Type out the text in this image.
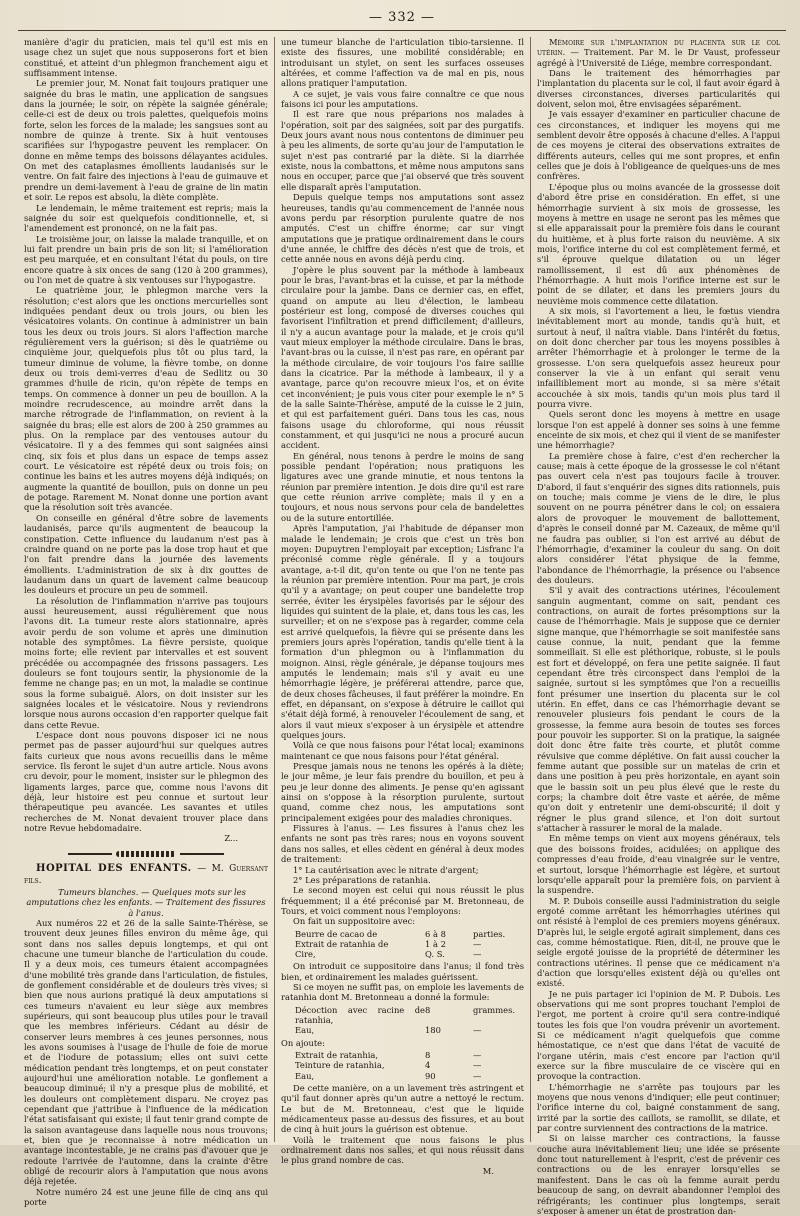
— 332 —

manière d'agir du praticien, mais tel qu'il est mis en usage chez un sujet que nous supposerons fort et bien constitué, et atteint d'un phlegmon franchement aigu et suffisamment intense.

Le premier jour, M. Nonat fait toujours pratiquer une saignée du bras le matin, une application de sangsues dans la journée; le soir, on répète la saignée générale; celle-ci est de deux ou trois palettes, quelquefois moins forte, selon les forces de la malade; les sangsues sont au nombre de quinze à trente. Six à huit ventouses scarifiées sur l'hypogastre peuvent les remplacer. On donne en même temps des boissons délayantes acidules. On met des cataplasmes émollients laudanisés sur le ventre. On fait faire des injections à l'eau de guimauve et prendre un demi-lavement à l'eau de graine de lin matin et soir. Le repos est absolu, la diète complète.

Le lendemain, le même traitement est repris; mais la saignée du soir est quelquefois conditionnelle, et, si l'amendement est prononcé, on ne la fait pas.

Le troisième jour, on laisse la malade tranquille, et on lui fait prendre un bain pris de son lit; si l'amélioration est peu marquée, et en consultant l'état du pouls, on tire encore quatre à six onces de sang (120 à 200 grammes), ou l'on met de quatre à six ventouses sur l'hypogastre.

Le quatrième jour, le phlegmon marche vers la résolution; c'est alors que les onctions mercurielles sont indiquées pendant deux ou trois jours, ou bien les vésicatoires volants. On continue à administrer un bain tous les deux ou trois jours. Si alors l'affection marche régulièrement vers la guérison; si dès le quatrième ou cinquième jour, quelquefois plus tôt ou plus tard, la tumeur diminue de volume, la fièvre tombe, on donne deux ou trois demi-verres d'eau de Sedlitz ou 30 grammes d'huile de ricin, qu'on répète de temps en temps. On commence à donner un peu de bouillon. A la moindre recrudescence, au moindre arrêt dans la marche rétrograde de l'inflammation, on revient à la saignée du bras; elle est alors de 200 à 250 grammes au plus. On la remplace par des ventouses autour du vésicatoire. Il y a des femmes qui sont saignées ainsi cinq, six fois et plus dans un espace de temps assez court. Le vésicatoire est répété deux ou trois fois; on continue les bains et les autres moyens déjà indiqués; on augmente la quantité de bouillon, puis on donne un peu de potage. Rarement M. Nonat donne une portion avant que la résolution soit très avancée.

On conseille en général d'être sobre de lavements laudanisés, parce qu'ils augmentent de beaucoup la constipation. Cette influence du laudanum n'est pas à craindre quand on ne porte pas la dose trop haut et que l'on fait prendre dans la journée des lavements émollients. L'administration de six à dix gouttes de laudanum dans un quart de lavement calme beaucoup les douleurs et procure un peu de sommeil.

La résolution de l'inflammation n'arrive pas toujours aussi heureusement, aussi régulièrement que nous l'avons dit. La tumeur reste alors stationnaire, après avoir perdu de son volume et après une diminution notable des symptômes. La fièvre persiste, quoique moins forte; elle revient par intervalles et est souvent précédée ou accompagnée des frissons passagers. Les douleurs se font toujours sentir, la physionomie de la femme ne change pas; en un mot, la maladie se continue sous la forme subaiguë. Alors, on doit insister sur les saignées locales et le vésicatoire. Nous y reviendrons lorsque nous aurons occasion d'en rapporter quelque fait dans cette Revue.

L'espace dont nous pouvons disposer ici ne nous permet pas de passer aujourd'hui sur quelques autres faits curieux que nous avons recueillis dans le même service. Ils feront le sujet d'un autre article. Nous avons cru devoir, pour le moment, insister sur le phlegmon des ligaments larges, parce que, comme nous l'avons dit déjà, leur histoire est peu connue et surtout leur thérapeutique peu avancée. Les savantes et utiles recherches de M. Nonat devaient trouver place dans notre Revue hebdomadaire.

Z...

HOPITAL DES ENFANTS. — M. Guersant fils.

Tumeurs blanches. — Quelques mots sur les amputations chez les enfants. — Traitement des fissures à l'anus.

Aux numéros 22 et 26 de la salle Sainte-Thérèse, se trouvent deux jeunes filles environ du même âge, qui sont dans nos salles depuis longtemps, et qui ont chacune une tumeur blanche de l'articulation du coude. Il y a deux mois, ces tumeurs étaient accompagnées d'une mobilité très grande dans l'articulation, de fistules, de gonflement considérable et de douleurs très vives; si bien que nous aurions pratiqué là deux amputations si ces tumeurs n'avaient eu leur siège aux membres supérieurs, qui sont beaucoup plus utiles pour le travail que les membres inférieurs. Cédant au désir de conserver leurs membres à ces jeunes personnes, nous les avons soumises à l'usage de l'huile de foie de morue et de l'iodure de potassium; elles ont suivi cette médication pendant très longtemps, et on peut constater aujourd'hui une amélioration notable. Le gonflement a beaucoup diminué; il n'y a presque plus de mobilité, et les douleurs ont complètement disparu. Ne croyez pas cependant que j'attribue à l'influence de la médication l'état satisfaisant qui existe; il faut tenir grand compte de la saison avantageuse dans laquelle nous nous trouvons; et, bien que je reconnaisse à notre médication un avantage incontestable, je ne crains pas d'avouer que je redoute l'arrivée de l'automne, dans la crainte d'être obligé de recourir alors à l'amputation que nous avons déjà rejetée.

Notre numéro 24 est une jeune fille de cinq ans qui porte

une tumeur blanche de l'articulation tibio-tarsienne. Il existe des fissures, une mobilité considérable; en introduisant un stylet, on sent les surfaces osseuses altérées, et comme l'affection va de mal en pis, nous allons pratiquer l'amputation.

A ce sujet, je vais vous faire connaître ce que nous faisons ici pour les amputations.

Il est rare que nous préparions nos malades à l'opération, soit par des saignées, soit par des purgatifs. Deux jours avant nous nous contentons de diminuer peu à peu les aliments, de sorte qu'au jour de l'amputation le sujet n'est pas contrarié par la diète. Si la diarrhée existe, nous la combattons, et même nous amputons sans nous en occuper, parce que j'ai observé que très souvent elle disparaît après l'amputation.

Depuis quelque temps nos amputations sont assez heureuses, tandis qu'au commencement de l'année nous avons perdu par résorption purulente quatre de nos amputés. C'est un chiffre énorme; car sur vingt amputations que je pratique ordinairement dans le cours d'une année, le chiffre des décès n'est que de trois, et cette année nous en avons déjà perdu cinq.

J'opère le plus souvent par la méthode à lambeaux pour le bras, l'avant-bras et la cuisse, et par la méthode circulaire pour la jambe. Dans ce dernier cas, en effet, quand on ampute au lieu d'élection, le lambeau postérieur est long, composé de diverses couches qui favorisent l'infiltration et prend difficilement; d'ailleurs, il n'y a aucun avantage pour la malade, et je crois qu'il vaut mieux employer la méthode circulaire. Dans le bras, l'avant-bras ou la cuisse, il n'est pas rare, en opérant par la méthode circulaire, de voir toujours l'os faire saillie dans la cicatrice. Par la méthode à lambeaux, il y a avantage, parce qu'on recouvre mieux l'os, et on évite cet inconvénient; je puis vous citer pour exemple le n° 5 de la salle Sainte-Thérèse, amputé de la cuisse le 2 juin, et qui est parfaitement guéri. Dans tous les cas, nous faisons usage du chloroforme, qui nous réussit constamment, et qui jusqu'ici ne nous a procuré aucun accident.

En général, nous tenons à perdre le moins de sang possible pendant l'opération; nous pratiquons les ligatures avec une grande minutie, et nous tentons la réunion par première intention. Je dois dire qu'il est rare que cette réunion arrive complète; mais il y en a toujours, et nous nous servons pour cela de bandelettes ou de la suture entortillée.

Après l'amputation, j'ai l'habitude de dépanser mon malade le lendemain; je crois que c'est un très bon moyen: Dupuytren l'employait par exception; Lisfranc l'a préconisé comme règle générale. Il y a toujours avantage, a-t-il dit, qu'on tente ou que l'on ne tente pas la réunion par première intention. Pour ma part, je crois qu'il y a avantage; on peut couper une bandelette trop serrée, éviter les érysipèles favorisés par le séjour des liquides qui suintent de la plaie, et, dans tous les cas, les surveiller; et on ne s'expose pas à regarder, comme cela est arrivé quelquefois, la fièvre qui se présente dans les premiers jours après l'opération, tandis qu'elle tient à la formation d'un phlegmon ou à l'inflammation du moignon. Ainsi, règle générale, je dépanse toujours mes amputés le lendemain; mais s'il y avait eu une hémorrhagie légère, je préférerai attendre, parce que, de deux choses fâcheuses, il faut préférer la moindre. En effet, en dépansant, on s'expose à détruire le caillot qui s'était déjà formé, à renouveler l'écoulement de sang, et alors il vaut mieux s'exposer à un érysipèle et attendre quelques jours.

Voilà ce que nous faisons pour l'état local; examinons maintenant ce que nous faisons pour l'état général.

Presque jamais nous ne tenons les opérés à la diète; le jour même, je leur fais prendre du bouillon, et peu à peu je leur donne des aliments. Je pense qu'en agissant ainsi on s'oppose à la résorption purulente, surtout quand, comme chez nous, les amputations sont principalement exigées pour des maladies chroniques.

Fissures à l'anus. — Les fissures à l'anus chez les enfants ne sont pas très rares; nous en voyons souvent dans nos salles, et elles cèdent en général à deux modes de traitement:

1° La cautérisation avec le nitrate d'argent;

2° Les préparations de ratanhia.

Le second moyen est celui qui nous réussit le plus fréquemment; il a été préconisé par M. Bretonneau, de Tours, et voici comment nous l'employons:

On fait un suppositoire avec:

Beurre de cacao de	6 à 8	parties.
Extrait de ratanhia de	1 à 2	—
Cire,	Q. S.	—

On introduit ce suppositoire dans l'anus; il fond très bien, et ordinairement les malades guérissent.

Si ce moyen ne suffit pas, on emploie les lavements de ratanhia dont M. Bretonneau a donné la formule:

Décoction avec racine de ratanhia,
8	grammes.
Eau,	180	—

On ajoute:

Extrait de ratanhia,	8	—
Teinture de ratanhia,	4	—
Eau,	90	—

De cette manière, on a un lavement très astringent et qu'il faut donner après qu'un autre a nettoyé le rectum. Le but de M. Bretonneau, c'est que le liquide médicamenteux passe au-dessus des fissures, et au bout de cinq à huit jours la guérison est obtenue.

Voilà le traitement que nous faisons le plus ordinairement dans nos salles, et qui nous réussit dans le plus grand nombre de cas.

M.

Mémoire sur l'implantation du placenta sur le col utérin. — Traitement. Par M. le Dr Vaust, professeur agrégé à l'Université de Liége, membre correspondant.

Dans le traitement des hémorrhagies par l'implantation du placenta sur le col, il faut avoir égard à diverses circonstances, diverses particularités qui doivent, selon moi, être envisagées séparément.

Je vais essayer d'examiner en particulier chacune de ces circonstances, et indiquer les moyens qui me semblent devoir être opposés à chacune d'elles. A l'appui de ces moyens je citerai des observations extraites de différents auteurs, celles qui me sont propres, et enfin celles que je dois à l'obligeance de quelques-uns de mes confrères.

L'époque plus ou moins avancée de la grossesse doit d'abord être prise en considération. En effet, si une hémorrhagie survient à six mois de grossesse, les moyens à mettre en usage ne seront pas les mêmes que si elle apparaissait pour la première fois dans le courant du huitième, et à plus forte raison du neuvième. A six mois, l'orifice interne du col est complètement fermé, et s'il éprouve quelque dilatation ou un léger ramollissement, il est dû aux phénomènes de l'hémorrhagie. A huit mois l'orifice interne est sur le point de se dilater, et dans les premiers jours du neuvième mois commence cette dilatation.

A six mois, si l'avortement a lieu, le fœtus viendra inévitablement mort au monde, tandis qu'à huit, et surtout à neuf, il naîtra viable. Dans l'intérêt du fœtus, on doit donc chercher par tous les moyens possibles à arrêter l'hémorrhagie et à prolonger le terme de la grossesse. L'on sera quelquefois assez heureux pour conserver la vie à un enfant qui serait venu infailliblement mort au monde, si sa mère s'était accouchée à six mois, tandis qu'un mois plus tard il pourra vivre.

Quels seront donc les moyens à mettre en usage lorsque l'on est appelé à donner ses soins à une femme enceinte de six mois, et chez qui il vient de se manifester une hémorrhagie?

La première chose à faire, c'est d'en rechercher la cause; mais à cette époque de la grossesse le col n'étant pas ouvert cela n'est pas toujours facile à trouver. D'abord, il faut s'enquérir des signes dits rationnels, puis on touche; mais comme je viens de le dire, le plus souvent on ne pourra pénétrer dans le col; on essaiera alors de provoquer le mouvement de ballottement, d'après le conseil donné par M. Cazeaux, de même qu'il ne faudra pas oublier, si l'on est arrivé au début de l'hémorrhagie, d'examiner la couleur du sang. On doit alors considérer l'état physique de la femme, l'abondance de l'hémorrhagie, la présence ou l'absence des douleurs.

S'il y avait des contractions utérines, l'écoulement sanguin augmentant, comme on sait, pendant ces contractions, on aurait de fortes présomptions sur la cause de l'hémorrhagie. Mais je suppose que ce dernier signe manque, que l'hémorrhagie se soit manifestée sans cause connue, la nuit, pendant que la femme sommeillait. Si elle est pléthorique, robuste, si le pouls est fort et développé, on fera une petite saignée. Il faut cependant être très circonspect dans l'emploi de la saignée, surtout si les symptômes que l'on a recueillis font présumer une insertion du placenta sur le col utérin. En effet, dans ce cas l'hémorrhagie devant se renouveler plusieurs fois pendant le cours de la grossesse, la femme aura besoin de toutes ses forces pour pouvoir les supporter. Si on la pratique, la saignée doit donc être faite très courte, et plutôt comme révulsive que comme déplétive. On fait aussi coucher la femme autant que possible sur un matelas de crin et dans une position à peu près horizontale, en ayant soin que le bassin soit un peu plus élevé que le reste du corps; la chambre doit être vaste et aérée, de même qu'on doit y entretenir une demi-obscurité; il doit y régner le plus grand silence, et l'on doit surtout s'attacher à rassurer le moral de la malade.

En même temps on vient aux moyens généraux, tels que des boissons froides, acidulées; on applique des compresses d'eau froide, d'eau vinaigrée sur le ventre, et surtout, lorsque l'hémorrhagie est légère, et surtout lorsqu'elle apparaît pour la première fois, on parvient à la suspendre.

M. P. Dubois conseille aussi l'administration du seigle ergoté comme arrêtant les hémorrhagies utérines qui ont résisté à l'emploi de ces premiers moyens généraux. D'après lui, le seigle ergoté agirait simplement, dans ces cas, comme hémostatique. Rien, dit-il, ne prouve que le seigle ergoté jouisse de la propriété de déterminer les contractions utérines. Il pense que ce médicament n'a d'action que lorsqu'elles existent déjà ou qu'elles ont existé.

Je ne puis partager ici l'opinion de M. P. Dubois. Les observations qui me sont propres touchant l'emploi de l'ergot, me portent à croire qu'il sera contre-indiqué toutes les fois que l'on voudra prévenir un avortement. Si ce médicament n'agit quelquefois que comme hémostatique, ce n'est que dans l'état de vacuité de l'organe utérin, mais c'est encore par l'action qu'il exerce sur la fibre musculaire de ce viscère qui en provoque la contraction.

L'hémorrhagie ne s'arrête pas toujours par les moyens que nous venons d'indiquer; elle peut continuer; l'orifice interne du col, baigné constamment de sang, irrité par la sortie des caillots, se ramollit, se dilate, et par contre surviennent des contractions de la matrice.

Si on laisse marcher ces contractions, la fausse couche aura inévitablement lieu; une idée se présente donc tout naturellement à l'esprit, c'est de prévenir ces contractions ou de les enrayer lorsqu'elles se manifestent. Dans le cas où la femme aurait perdu beaucoup de sang, on devrait abandonner l'emploi des réfrigérants; les continuer plus longtemps, serait s'exposer à amener un état de prostration dan-
